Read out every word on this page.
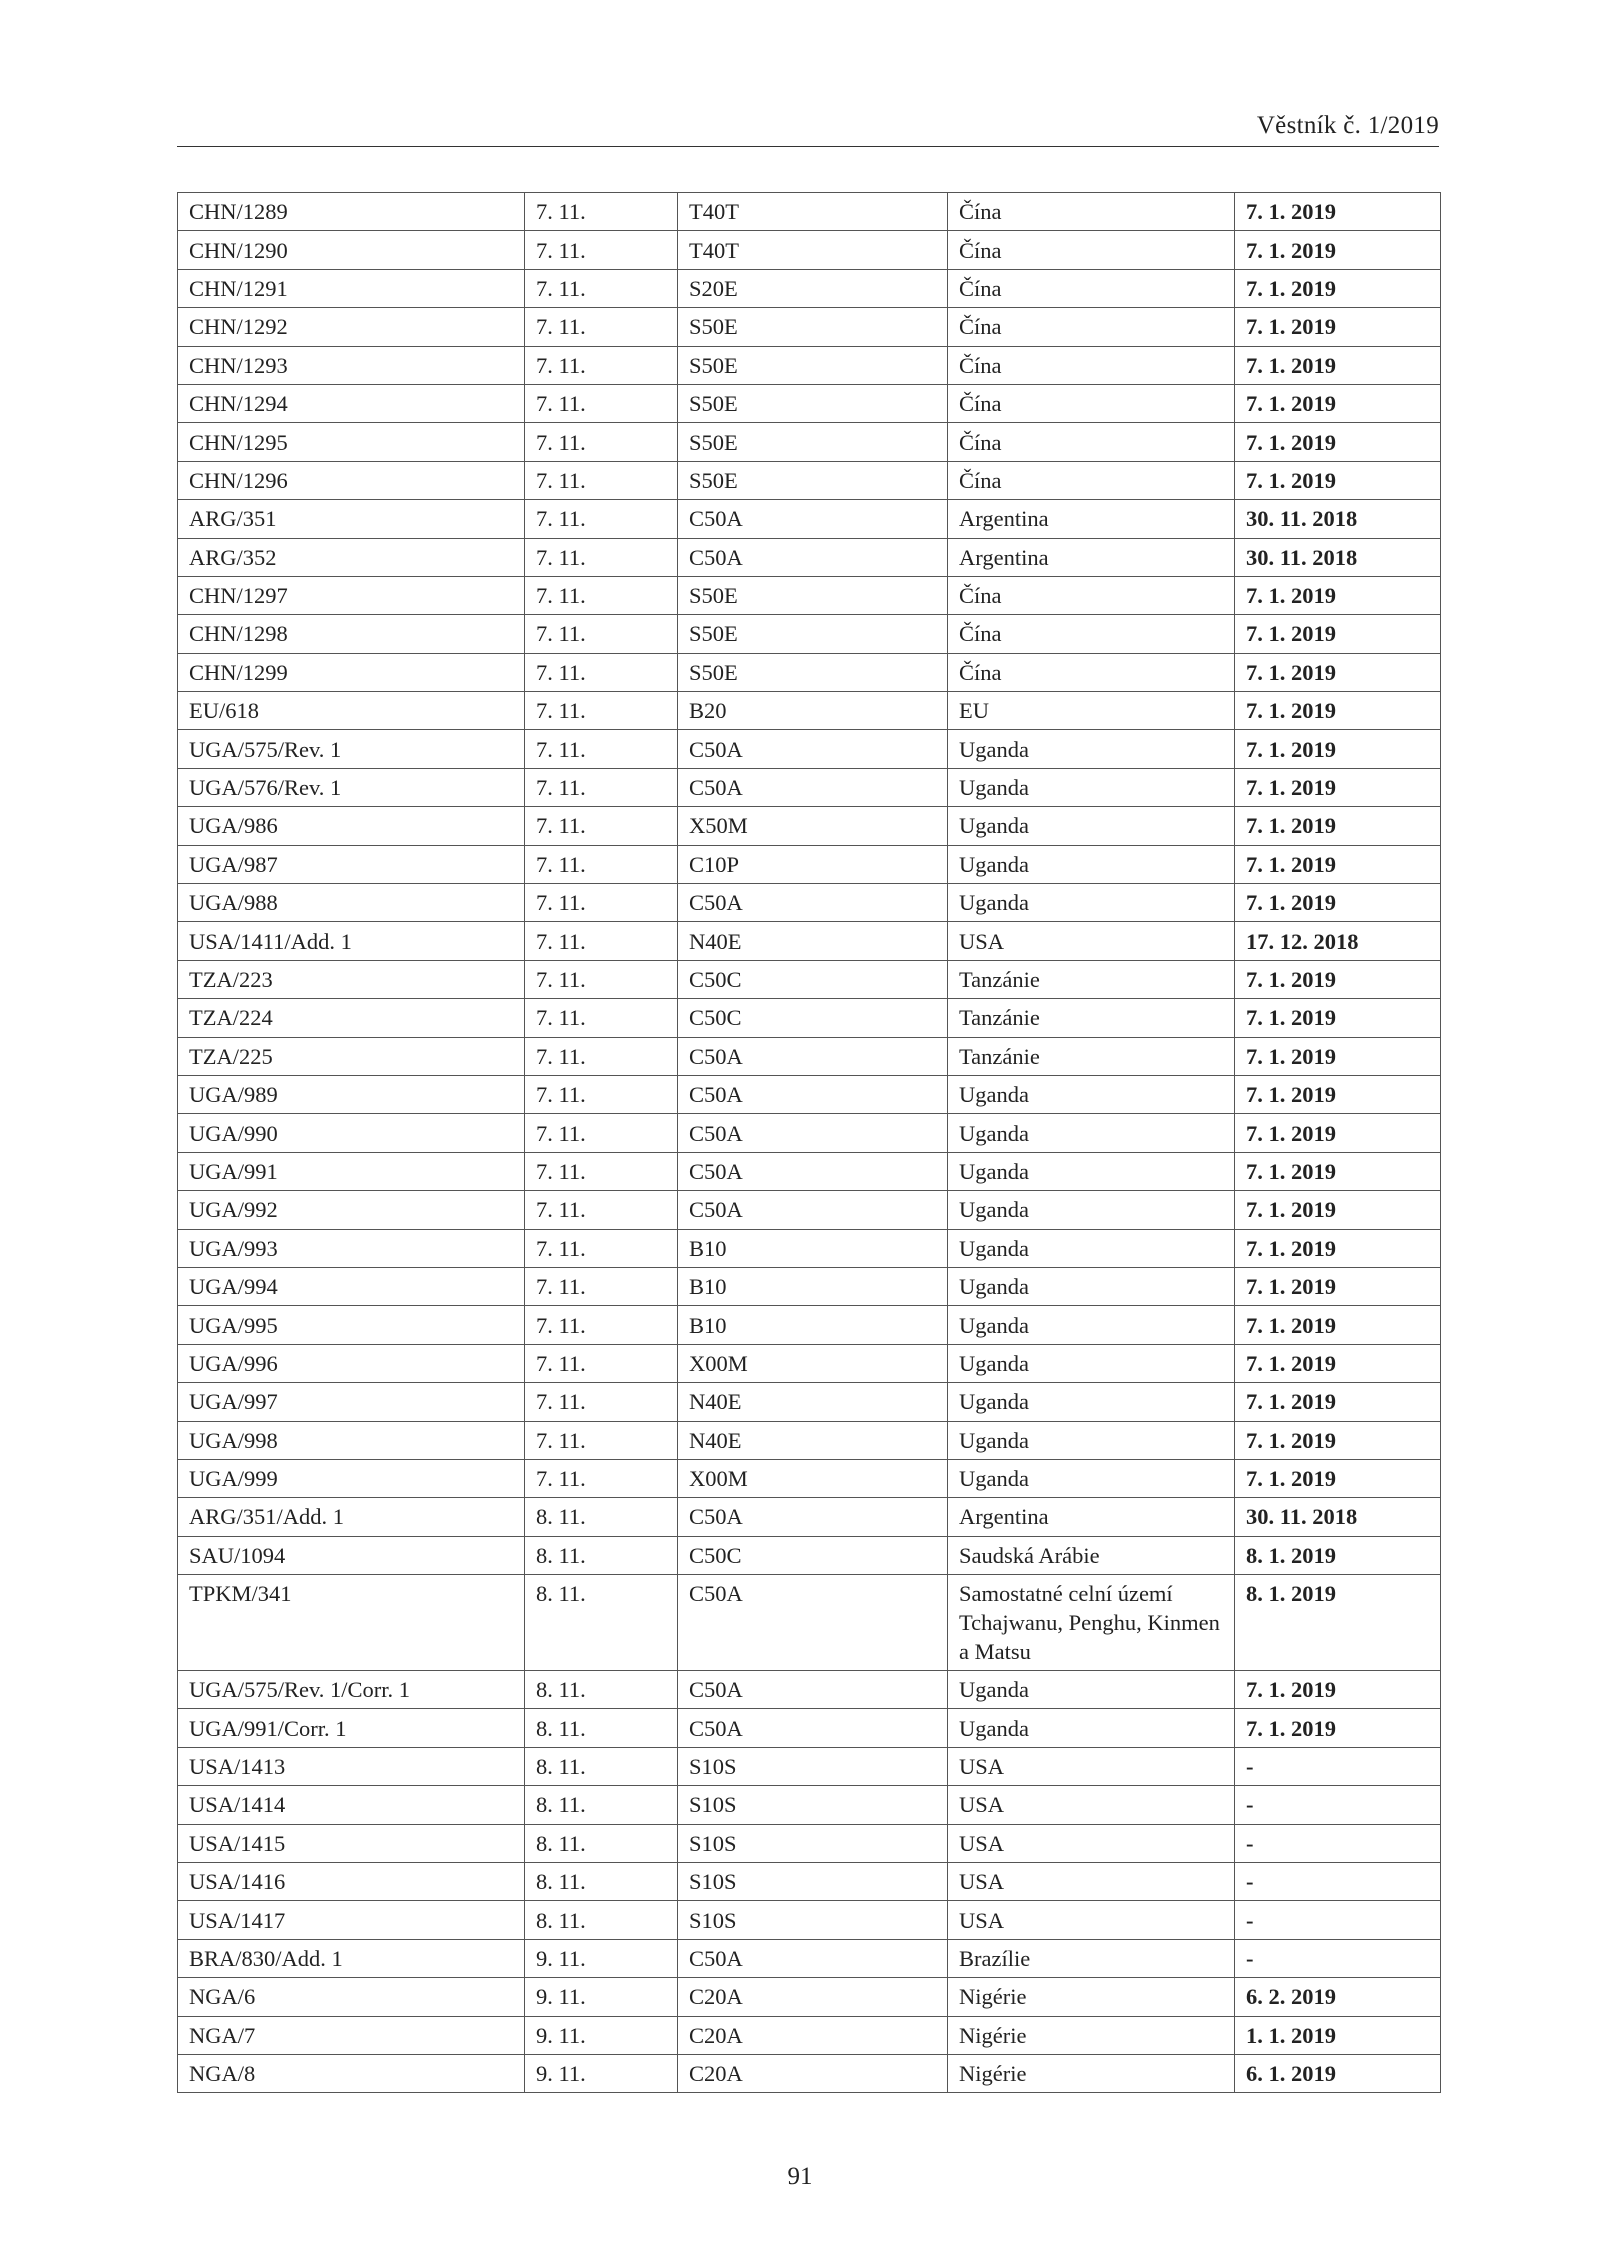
Věstník č. 1/2019
CHN/1289	7. 11.	T40T	Čína	7. 1. 2019
CHN/1290	7. 11.	T40T	Čína	7. 1. 2019
CHN/1291	7. 11.	S20E	Čína	7. 1. 2019
CHN/1292	7. 11.	S50E	Čína	7. 1. 2019
CHN/1293	7. 11.	S50E	Čína	7. 1. 2019
CHN/1294	7. 11.	S50E	Čína	7. 1. 2019
CHN/1295	7. 11.	S50E	Čína	7. 1. 2019
CHN/1296	7. 11.	S50E	Čína	7. 1. 2019
ARG/351	7. 11.	C50A	Argentina	30. 11. 2018
ARG/352	7. 11.	C50A	Argentina	30. 11. 2018
CHN/1297	7. 11.	S50E	Čína	7. 1. 2019
CHN/1298	7. 11.	S50E	Čína	7. 1. 2019
CHN/1299	7. 11.	S50E	Čína	7. 1. 2019
EU/618	7. 11.	B20	EU	7. 1. 2019
UGA/575/Rev. 1	7. 11.	C50A	Uganda	7. 1. 2019
UGA/576/Rev. 1	7. 11.	C50A	Uganda	7. 1. 2019
UGA/986	7. 11.	X50M	Uganda	7. 1. 2019
UGA/987	7. 11.	C10P	Uganda	7. 1. 2019
UGA/988	7. 11.	C50A	Uganda	7. 1. 2019
USA/1411/Add. 1	7. 11.	N40E	USA	17. 12. 2018
TZA/223	7. 11.	C50C	Tanzánie	7. 1. 2019
TZA/224	7. 11.	C50C	Tanzánie	7. 1. 2019
TZA/225	7. 11.	C50A	Tanzánie	7. 1. 2019
UGA/989	7. 11.	C50A	Uganda	7. 1. 2019
UGA/990	7. 11.	C50A	Uganda	7. 1. 2019
UGA/991	7. 11.	C50A	Uganda	7. 1. 2019
UGA/992	7. 11.	C50A	Uganda	7. 1. 2019
UGA/993	7. 11.	B10	Uganda	7. 1. 2019
UGA/994	7. 11.	B10	Uganda	7. 1. 2019
UGA/995	7. 11.	B10	Uganda	7. 1. 2019
UGA/996	7. 11.	X00M	Uganda	7. 1. 2019
UGA/997	7. 11.	N40E	Uganda	7. 1. 2019
UGA/998	7. 11.	N40E	Uganda	7. 1. 2019
UGA/999	7. 11.	X00M	Uganda	7. 1. 2019
ARG/351/Add. 1	8. 11.	C50A	Argentina	30. 11. 2018
SAU/1094	8. 11.	C50C	Saudská Arábie	8. 1. 2019
TPKM/341	8. 11.	C50A	Samostatné celní území Tchajwanu, Penghu, Kinmen a Matsu	8. 1. 2019
UGA/575/Rev. 1/Corr. 1	8. 11.	C50A	Uganda	7. 1. 2019
UGA/991/Corr. 1	8. 11.	C50A	Uganda	7. 1. 2019
USA/1413	8. 11.	S10S	USA	-
USA/1414	8. 11.	S10S	USA	-
USA/1415	8. 11.	S10S	USA	-
USA/1416	8. 11.	S10S	USA	-
USA/1417	8. 11.	S10S	USA	-
BRA/830/Add. 1	9. 11.	C50A	Brazílie	-
NGA/6	9. 11.	C20A	Nigérie	6. 2. 2019
NGA/7	9. 11.	C20A	Nigérie	1. 1. 2019
NGA/8	9. 11.	C20A	Nigérie	6. 1. 2019
91
